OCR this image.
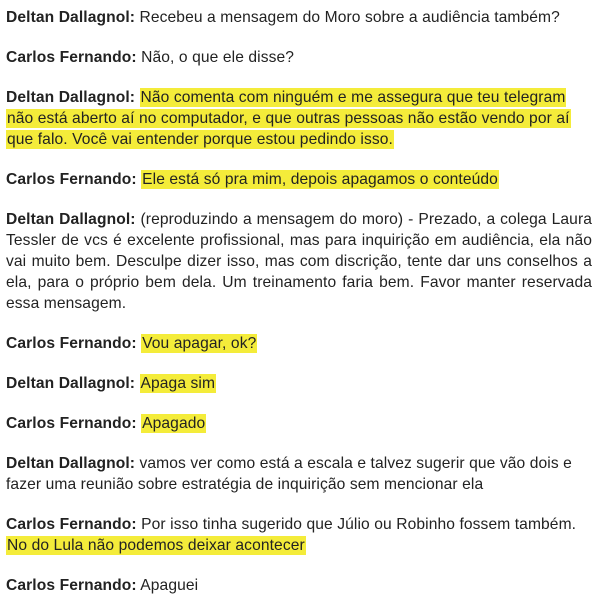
Deltan Dallagnol: Recebeu a mensagem do Moro sobre a audiência também?
Carlos Fernando: Não, o que ele disse?
Deltan Dallagnol: Não comenta com ninguém e me assegura que teu telegram não está aberto aí no computador, e que outras pessoas não estão vendo por aí que falo. Você vai entender porque estou pedindo isso.
Carlos Fernando: Ele está só pra mim, depois apagamos o conteúdo
Deltan Dallagnol: (reproduzindo a mensagem do moro) - Prezado, a colega Laura Tessler de vcs é excelente profissional, mas para inquirição em audiência, ela não vai muito bem. Desculpe dizer isso, mas com discrição, tente dar uns conselhos a ela, para o próprio bem dela. Um treinamento faria bem. Favor manter reservada essa mensagem.
Carlos Fernando: Vou apagar, ok?
Deltan Dallagnol: Apaga sim
Carlos Fernando: Apagado
Deltan Dallagnol: vamos ver como está a escala e talvez sugerir que vão dois e fazer uma reunião sobre estratégia de inquirição sem mencionar ela
Carlos Fernando: Por isso tinha sugerido que Júlio ou Robinho fossem também. No do Lula não podemos deixar acontecer
Carlos Fernando: Apaguei
